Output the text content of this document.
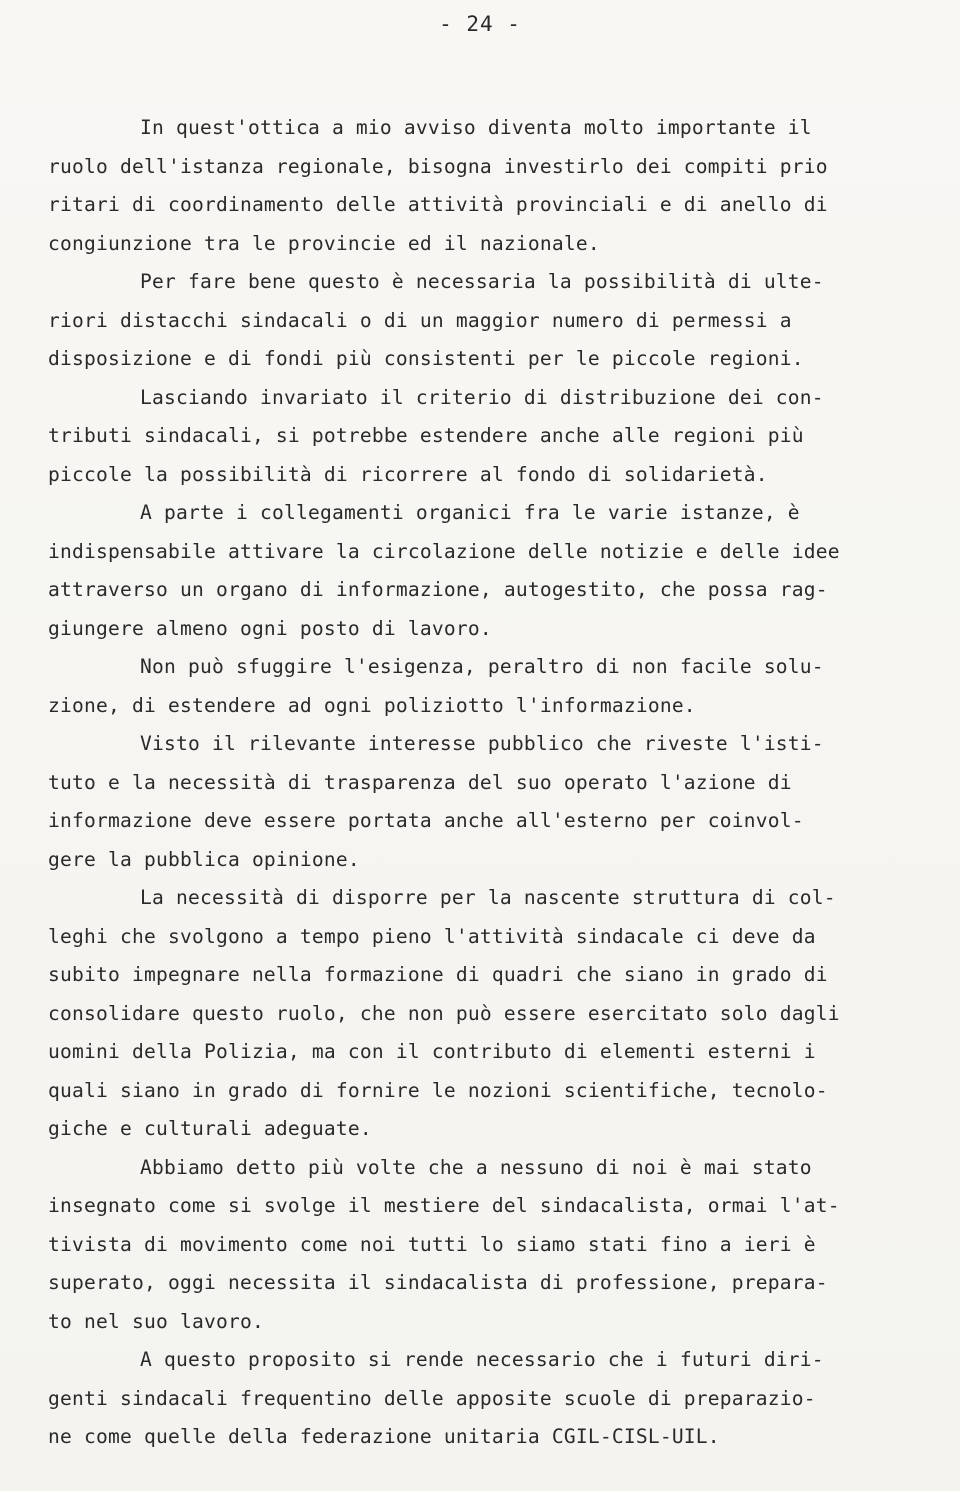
- 24 -
In quest'ottica a mio avviso diventa molto importante il
ruolo dell'istanza regionale, bisogna investirlo dei compiti prio
ritari di coordinamento delle attività provinciali e di anello di
congiunzione tra le provincie ed il nazionale.
Per fare bene questo è necessaria la possibilità di ulte-
riori distacchi sindacali o di un maggior numero di permessi a
disposizione e di fondi più consistenti per le piccole regioni.
Lasciando invariato il criterio di distribuzione dei con-
tributi sindacali, si potrebbe estendere anche alle regioni più
piccole la possibilità di ricorrere al fondo di solidarietà.
A parte i collegamenti organici fra le varie istanze, è
indispensabile attivare la circolazione delle notizie e delle idee
attraverso un organo di informazione, autogestito, che possa rag-
giungere almeno ogni posto di lavoro.
Non può sfuggire l'esigenza, peraltro di non facile solu-
zione, di estendere ad ogni poliziotto l'informazione.
Visto il rilevante interesse pubblico che riveste l'isti-
tuto e la necessità di trasparenza del suo operato l'azione di
informazione deve essere portata anche all'esterno per coinvol-
gere la pubblica opinione.
La necessità di disporre per la nascente struttura di col-
leghi che svolgono a tempo pieno l'attività sindacale ci deve da
subito impegnare nella formazione di quadri che siano in grado di
consolidare questo ruolo, che non può essere esercitato solo dagli
uomini della Polizia, ma con il contributo di elementi esterni i
quali siano in grado di fornire le nozioni scientifiche, tecnolo-
giche e culturali adeguate.
Abbiamo detto più volte che a nessuno di noi è mai stato
insegnato come si svolge il mestiere del sindacalista, ormai l'at-
tivista di movimento come noi tutti lo siamo stati fino a ieri è
superato, oggi necessita il sindacalista di professione, prepara-
to nel suo lavoro.
A questo proposito si rende necessario che i futuri diri-
genti sindacali frequentino delle apposite scuole di preparazio-
ne come quelle della federazione unitaria CGIL-CISL-UIL.
